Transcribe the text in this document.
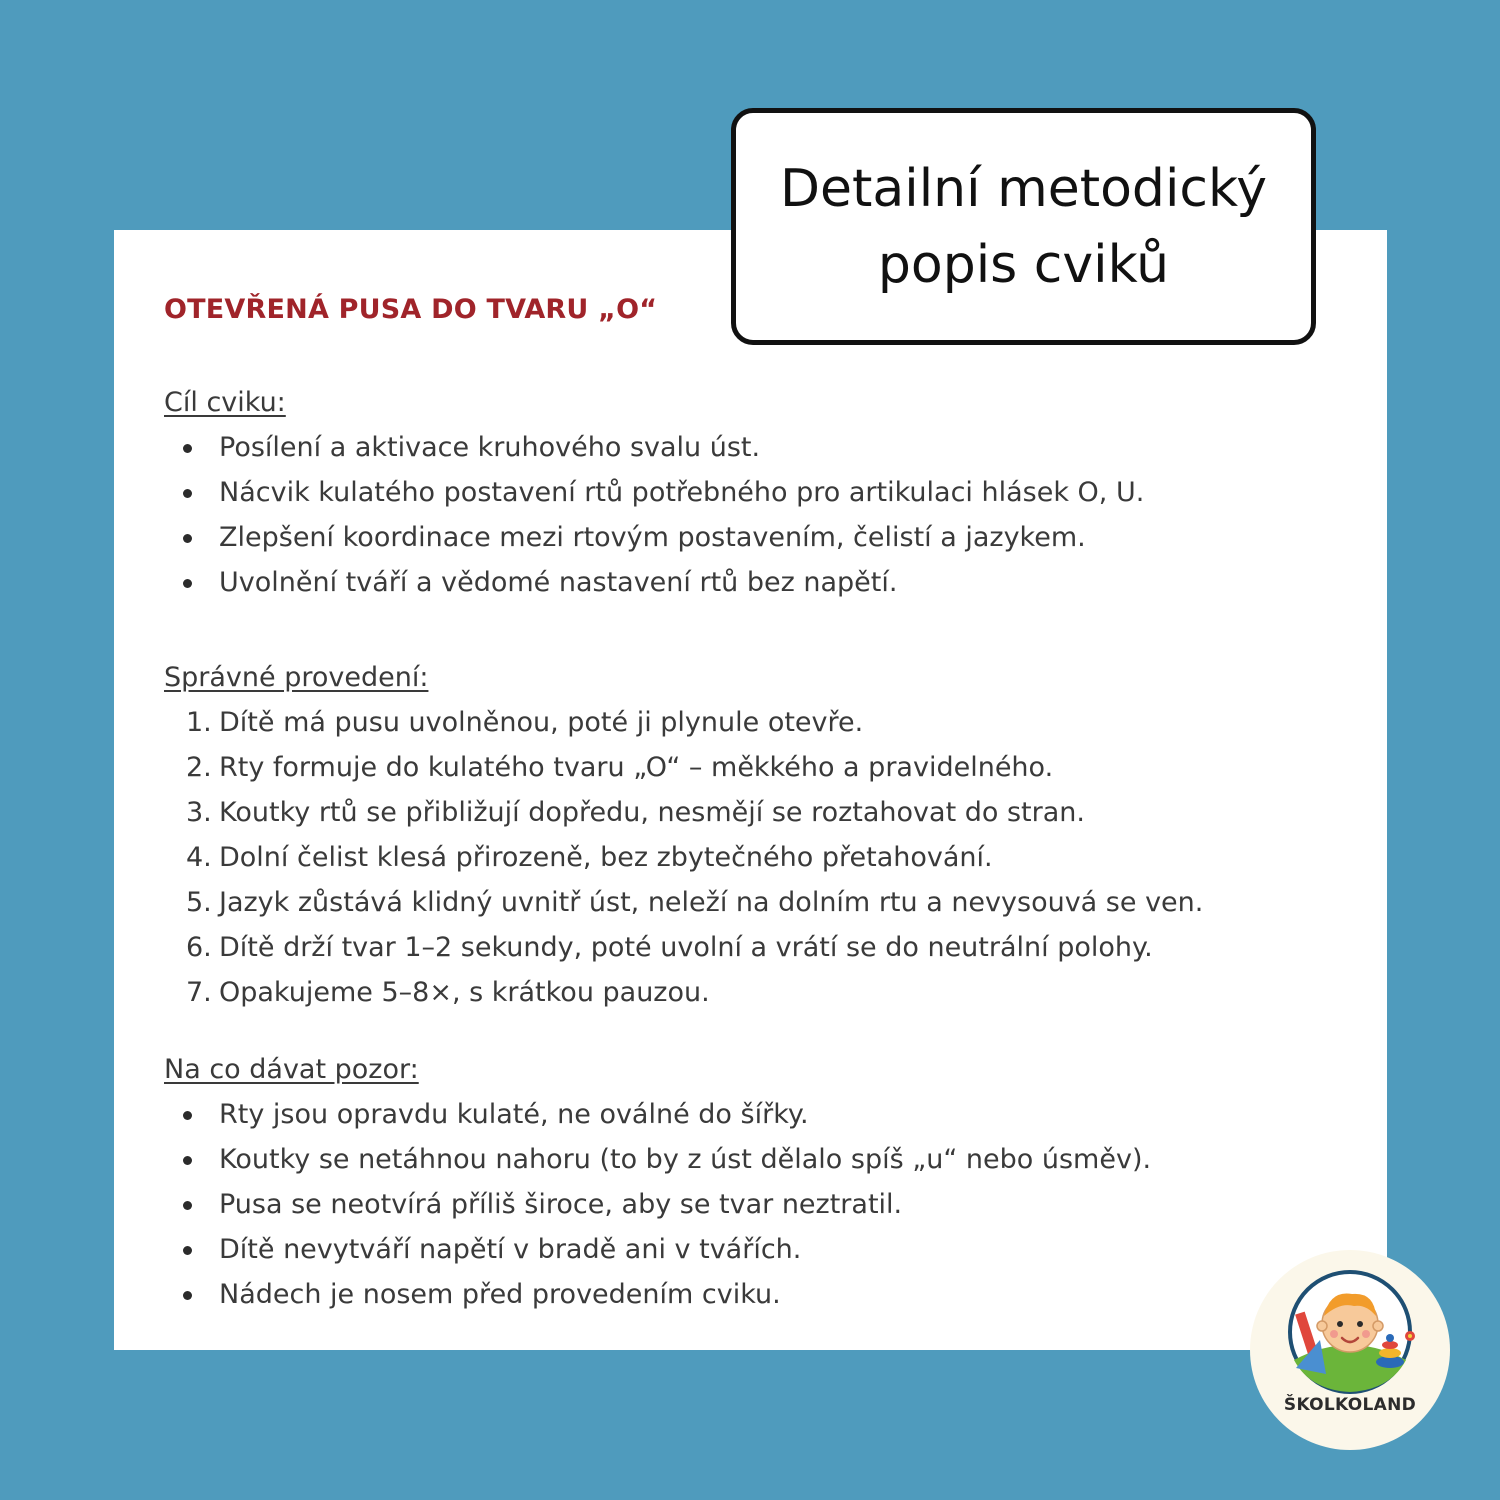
OTEVŘENÁ PUSA DO TVARU „O“
Cíl cviku:
Posílení a aktivace kruhového svalu úst.
Nácvik kulatého postavení rtů potřebného pro artikulaci hlásek O, U.
Zlepšení koordinace mezi rtovým postavením, čelistí a jazykem.
Uvolnění tváří a vědomé nastavení rtů bez napětí.
Správné provedení:
1. Dítě má pusu uvolněnou, poté ji plynule otevře.
2. Rty formuje do kulatého tvaru „O“ – měkkého a pravidelného.
3. Koutky rtů se přibližují dopředu, nesmějí se roztahovat do stran.
4. Dolní čelist klesá přirozeně, bez zbytečného přetahování.
5. Jazyk zůstává klidný uvnitř úst, neleží na dolním rtu a nevysouvá se ven.
6. Dítě drží tvar 1–2 sekundy, poté uvolní a vrátí se do neutrální polohy.
7. Opakujeme 5–8×, s krátkou pauzou.
Na co dávat pozor:
Rty jsou opravdu kulaté, ne oválné do šířky.
Koutky se netáhnou nahoru (to by z úst dělalo spíš „u“ nebo úsměv).
Pusa se neotvírá příliš široce, aby se tvar neztratil.
Dítě nevytváří napětí v bradě ani v tvářích.
Nádech je nosem před provedením cviku.
Detailní metodický
popis cviků
ŠKOLKOLAND
